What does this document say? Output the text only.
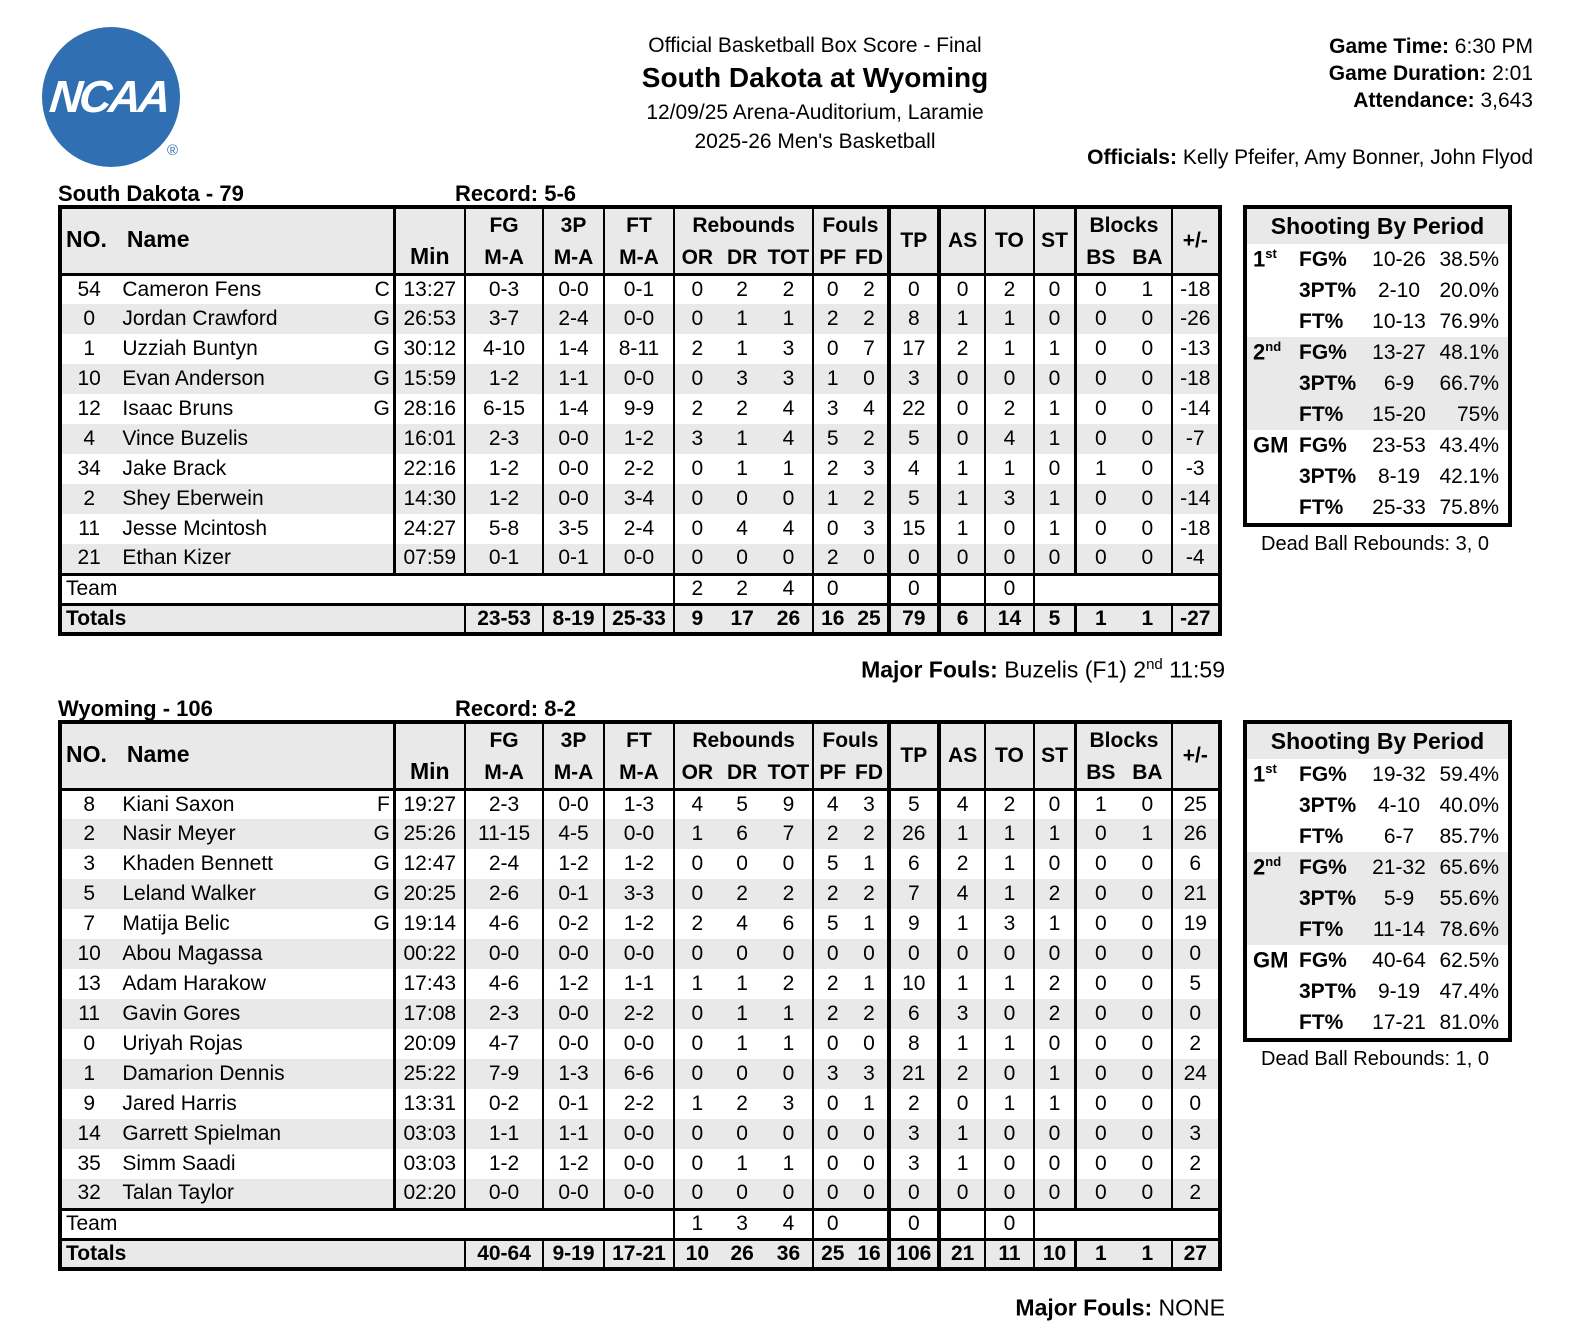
NCAA
®
Official Basketball Box Score - Final
South Dakota at Wyoming
12/09/25 Arena-Auditorium, Laramie
2025-26 Men's Basketball
Game Time: 6:30 PM
Game Duration: 2:01
Attendance: 3,643
Officials: Kelly Pfeifer, Amy Bonner, John Flyod
South Dakota - 79	Record: 5-6
NO. Name		Min	FG	3P	FT	Rebounds			Fouls		TP	AS	TO	ST	Blocks		+/-
			M-A	M-A	M-A	OR	DR	TOT	PF	FD					BS	BA	
54	Cameron Fens C	13:27	0-3	0-0	0-1	0	2	2	0	2	0	0	2	0	0	1	-18
0	Jordan Crawford G	26:53	3-7	2-4	0-0	0	1	1	2	2	8	1	1	0	0	0	-26
1	Uzziah Buntyn G	30:12	4-10	1-4	8-11	2	1	3	0	7	17	2	1	1	0	0	-13
10	Evan Anderson G	15:59	1-2	1-1	0-0	0	3	3	1	0	3	0	0	0	0	0	-18
12	Isaac Bruns G	28:16	6-15	1-4	9-9	2	2	4	3	4	22	0	2	1	0	0	-14
4	Vince Buzelis	16:01	2-3	0-0	1-2	3	1	4	5	2	5	0	4	1	0	0	-7
34	Jake Brack	22:16	1-2	0-0	2-2	0	1	1	2	3	4	1	1	0	1	0	-3
2	Shey Eberwein	14:30	1-2	0-0	3-4	0	0	0	1	2	5	1	3	1	0	0	-14
11	Jesse Mcintosh	24:27	5-8	3-5	2-4	0	4	4	0	3	15	1	0	1	0	0	-18
21	Ethan Kizer	07:59	0-1	0-1	0-0	0	0	0	2	0	0	0	0	0	0	0	-4
Team						2	2	4	0		0		0				
Totals			23-53	8-19	25-33	9	17	26	16	25	79	6	14	5	1	1	-27
Shooting By Period
1st	FG%	10-26 38.5%
3PT%	2-10 20.0%
FT%	10-13 76.9%
2nd FG%	13-27 48.1%
3PT%	6-9	66.7%
FT%	15-20	75%
GM FG%	23-53 43.4%
3PT%	8-19 42.1%
FT%	25-33 75.8%
Dead Ball Rebounds: 3, 0
Major Fouls: Buzelis (F1) 2nd 11:59
Wyoming - 106	Record: 8-2
NO. Name		Min	FG	3P	FT	Rebounds			Fouls		TP	AS	TO	ST	Blocks		+/-
			M-A	M-A	M-A	OR	DR	TOT	PF	FD					BS	BA	
8	Kiani Saxon F	19:27	2-3	0-0	1-3	4	5	9	4	3	5	4	2	0	1	0	25
2	Nasir Meyer G	25:26	11-15	4-5	0-0	1	6	7	2	2	26	1	1	1	0	1	26
3	Khaden Bennett G	12:47	2-4	1-2	1-2	0	0	0	5	1	6	2	1	0	0	0	6
5	Leland Walker G	20:25	2-6	0-1	3-3	0	2	2	2	2	7	4	1	2	0	0	21
7	Matija Belic G	19:14	4-6	0-2	1-2	2	4	6	5	1	9	1	3	1	0	0	19
10	Abou Magassa	00:22	0-0	0-0	0-0	0	0	0	0	0	0	0	0	0	0	0	0
13	Adam Harakow	17:43	4-6	1-2	1-1	1	1	2	2	1	10	1	1	2	0	0	5
11	Gavin Gores	17:08	2-3	0-0	2-2	0	1	1	2	2	6	3	0	2	0	0	0
0	Uriyah Rojas	20:09	4-7	0-0	0-0	0	1	1	0	0	8	1	1	0	0	0	2
1	Damarion Dennis	25:22	7-9	1-3	6-6	0	0	0	3	3	21	2	0	1	0	0	24
9	Jared Harris	13:31	0-2	0-1	2-2	1	2	3	0	1	2	0	1	1	0	0	0
14	Garrett Spielman	03:03	1-1	1-1	0-0	0	0	0	0	0	3	1	0	0	0	0	3
35	Simm Saadi	03:03	1-2	1-2	0-0	0	1	1	0	0	3	1	0	0	0	0	2
32	Talan Taylor	02:20	0-0	0-0	0-0	0	0	0	0	0	0	0	0	0	0	0	2
Team						1	3	4	0		0		0				
Totals			40-64	9-19	17-21	10	26	36	25	16	106	21	11	10	1	1	27
Shooting By Period
1st	FG%	19-32 59.4%
3PT%	4-10 40.0%
FT%	6-7	85.7%
2nd FG%	21-32 65.6%
3PT%	5-9	55.6%
FT%	11-14 78.6%
GM FG%	40-64 62.5%
3PT%	9-19 47.4%
FT%	17-21 81.0%
Dead Ball Rebounds: 1, 0
Major Fouls: NONE
